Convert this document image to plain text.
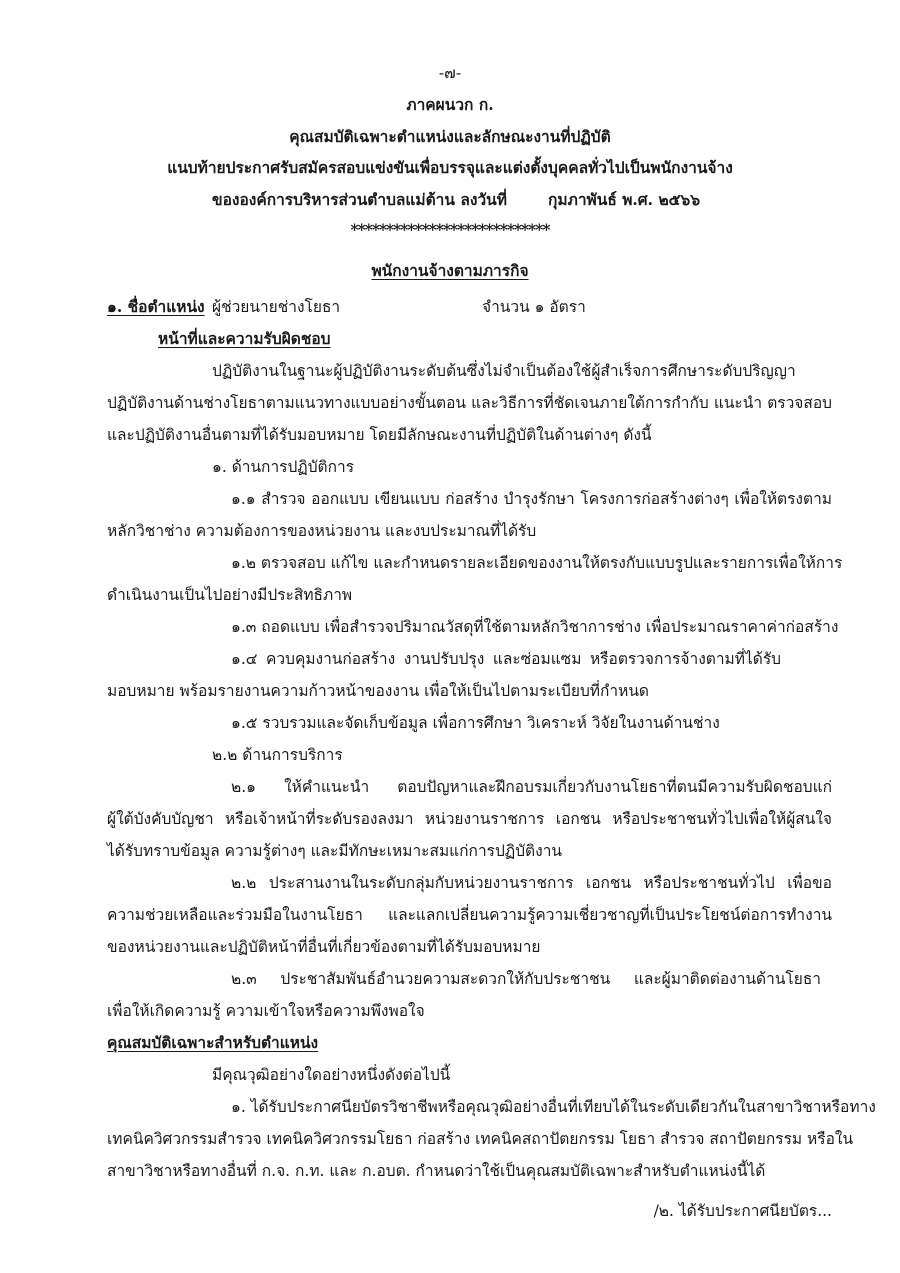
-๗-
ภาคผนวก ก.
คุณสมบัติเฉพาะตำแหน่งและลักษณะงานที่ปฏิบัติ
แนบท้ายประกาศรับสมัครสอบแข่งขันเพื่อบรรจุและแต่งตั้งบุคคลทั่วไปเป็นพนักงานจ้าง
ขององค์การบริหารส่วนตำบลแม่ต้าน ลงวันที่	กุมภาพันธ์ พ.ศ. ๒๕๖๖
****************************
พนักงานจ้างตามภารกิจ
๑. ชื่อตำแหน่ง ผู้ช่วยนายช่างโยธา	จำนวน ๑ อัตรา
หน้าที่และความรับผิดชอบ
ปฏิบัติงานในฐานะผู้ปฏิบัติงานระดับต้นซึ่งไม่จำเป็นต้องใช้ผู้สำเร็จการศึกษาระดับปริญญา
ปฏิบัติงานด้านช่างโยธาตามแนวทางแบบอย่างขั้นตอน และวิธีการที่ชัดเจนภายใต้การกำกับ แนะนำ ตรวจสอบ
และปฏิบัติงานอื่นตามที่ได้รับมอบหมาย โดยมีลักษณะงานที่ปฏิบัติในด้านต่างๆ ดังนี้
๑. ด้านการปฏิบัติการ
๑.๑ สำรวจ ออกแบบ เขียนแบบ ก่อสร้าง บำรุงรักษา โครงการก่อสร้างต่างๆ เพื่อให้ตรงตาม
หลักวิชาช่าง ความต้องการของหน่วยงาน และงบประมาณที่ได้รับ
๑.๒ ตรวจสอบ แก้ไข และกำหนดรายละเอียดของงานให้ตรงกับแบบรูปและรายการเพื่อให้การ
ดำเนินงานเป็นไปอย่างมีประสิทธิภาพ
๑.๓ ถอดแบบ เพื่อสำรวจปริมาณวัสดุที่ใช้ตามหลักวิชาการช่าง เพื่อประมาณราคาค่าก่อสร้าง
๑.๔ ควบคุมงานก่อสร้าง งานปรับปรุง และซ่อมแซม หรือตรวจการจ้างตามที่ได้รับ
มอบหมาย พร้อมรายงานความก้าวหน้าของงาน เพื่อให้เป็นไปตามระเบียบที่กำหนด
๑.๕ รวบรวมและจัดเก็บข้อมูล เพื่อการศึกษา วิเคราะห์ วิจัยในงานด้านช่าง
๒.๒ ด้านการบริการ
๒.๑ ให้คำแนะนำ ตอบปัญหาและฝึกอบรมเกี่ยวกับงานโยธาที่ตนมีความรับผิดชอบแก่
ผู้ใต้บังคับบัญชา หรือเจ้าหน้าที่ระดับรองลงมา หน่วยงานราชการ เอกชน หรือประชาชนทั่วไปเพื่อให้ผู้สนใจ
ได้รับทราบข้อมูล ความรู้ต่างๆ และมีทักษะเหมาะสมแก่การปฏิบัติงาน
๒.๒ ประสานงานในระดับกลุ่มกับหน่วยงานราชการ เอกชน หรือประชาชนทั่วไป เพื่อขอ
ความช่วยเหลือและร่วมมือในงานโยธา และแลกเปลี่ยนความรู้ความเชี่ยวชาญที่เป็นประโยชน์ต่อการทำงาน
ของหน่วยงานและปฏิบัติหน้าที่อื่นที่เกี่ยวข้องตามที่ได้รับมอบหมาย
๒.๓ ประชาสัมพันธ์อำนวยความสะดวกให้กับประชาชน และผู้มาติดต่องานด้านโยธา
เพื่อให้เกิดความรู้ ความเข้าใจหรือความพึงพอใจ
คุณสมบัติเฉพาะสำหรับตำแหน่ง
มีคุณวุฒิอย่างใดอย่างหนึ่งดังต่อไปนี้
๑. ได้รับประกาศนียบัตรวิชาชีพหรือคุณวุฒิอย่างอื่นที่เทียบได้ในระดับเดียวกันในสาขาวิชาหรือทาง
เทคนิควิศวกรรมสำรวจ เทคนิควิศวกรรมโยธา ก่อสร้าง เทคนิคสถาปัตยกรรม โยธา สำรวจ สถาปัตยกรรม หรือใน
สาขาวิชาหรือทางอื่นที่ ก.จ. ก.ท. และ ก.อบต. กำหนดว่าใช้เป็นคุณสมบัติเฉพาะสำหรับตำแหน่งนี้ได้
/๒. ได้รับประกาศนียบัตร...
